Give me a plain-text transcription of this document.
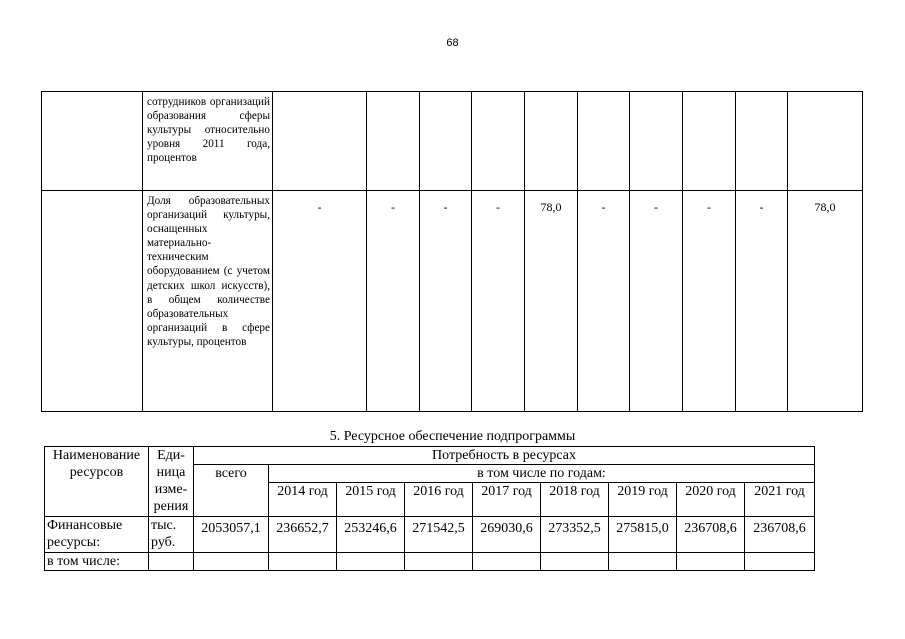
68
	сотрудников организаций образования сферы культуры относительно уровня 2011 года, процентов										
	Доля образовательных организаций культуры, оснащенных материально-техническим оборудованием (с учетом детских школ искусств), в общем количестве образовательных организаций в сфере культуры, процентов	-	-	-	-	78,0	-	-	-	-	78,0
5. Ресурсное обеспечение подпрограммы
Наименование ресурсов	Еди- ница изме- рения	Потребность в ресурсах								
		всего	в том числе по годам:							
			2014 год	2015 год	2016 год	2017 год	2018 год	2019 год	2020 год	2021 год
Финансовые ресурсы:	тыс. руб.	2053057,1	236652,7	253246,6	271542,5	269030,6	273352,5	275815,0	236708,6	236708,6
в том числе:										
